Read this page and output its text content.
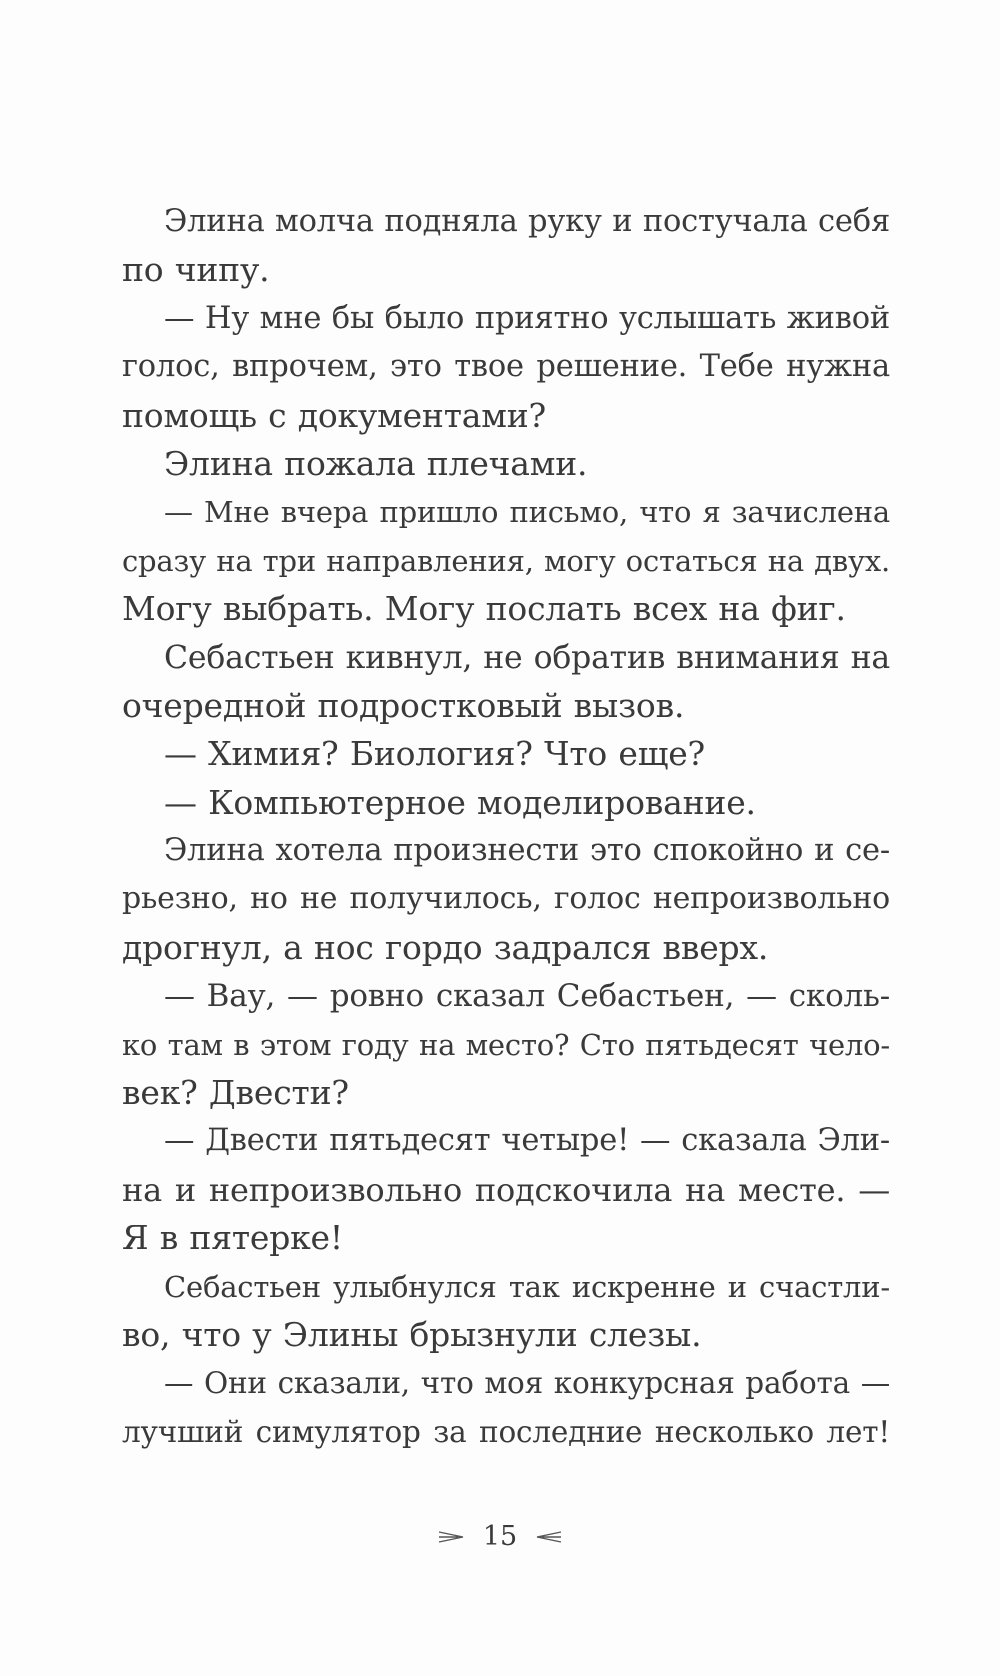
Элина молча подняла руку и постучала себя
по чипу.
— Ну мне бы было приятно услышать живой
голос, впрочем, это твое решение. Тебе нужна
помощь с документами?
Элина пожала плечами.
— Мне вчера пришло письмо, что я зачислена
сразу на три направления, могу остаться на двух.
Могу выбрать. Могу послать всех на фиг.
Себастьен кивнул, не обратив внимания на
очередной подростковый вызов.
— Химия? Биология? Что еще?
— Компьютерное моделирование.
Элина хотела произнести это спокойно и се-
рьезно, но не получилось, голос непроизвольно
дрогнул, а нос гордо задрался вверх.
— Вау, — ровно сказал Себастьен, — сколь-
ко там в этом году на место? Сто пятьдесят чело-
век? Двести?
— Двести пятьдесят четыре! — сказала Эли-
на и непроизвольно подскочила на месте. —
Я в пятерке!
Себастьен улыбнулся так искренне и счастли-
во, что у Элины брызнули слезы.
— Они сказали, что моя конкурсная работа —
лучший симулятор за последние несколько лет!
15
